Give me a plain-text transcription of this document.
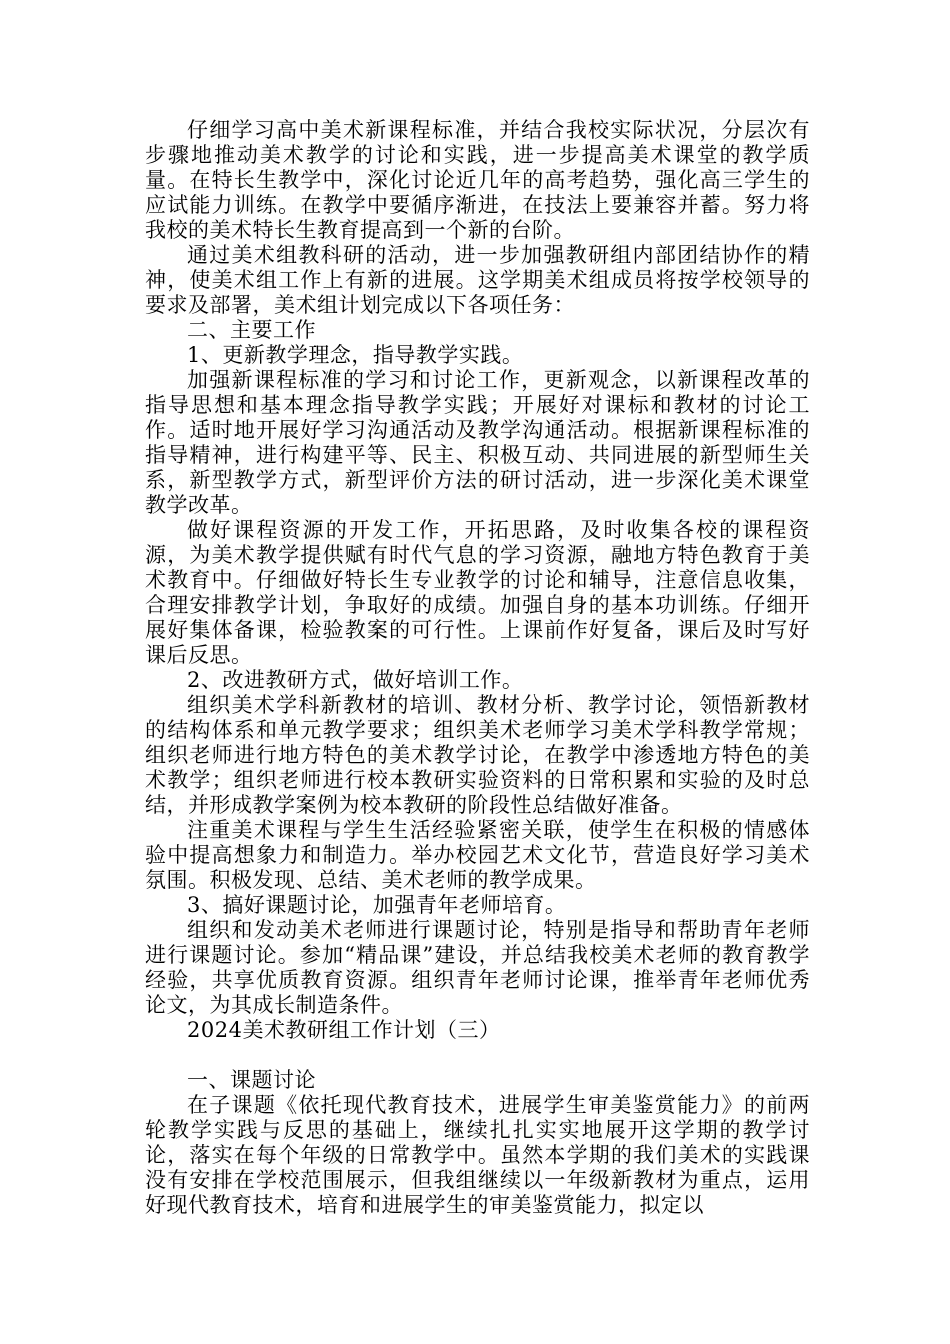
仔细学习高中美术新课程标准，并结合我校实际状况，分层次有步骤地推动美术教学的讨论和实践，进一步提高美术课堂的教学质量。在特长生教学中，深化讨论近几年的高考趋势，强化高三学生的应试能力训练。在教学中要循序渐进，在技法上要兼容并蓄。努力将我校的美术特长生教育提高到一个新的台阶。

通过美术组教科研的活动，进一步加强教研组内部团结协作的精神，使美术组工作上有新的进展。这学期美术组成员将按学校领导的要求及部署，美术组计划完成以下各项任务：

二、主要工作

1、更新教学理念，指导教学实践。

加强新课程标准的学习和讨论工作，更新观念，以新课程改革的指导思想和基本理念指导教学实践；开展好对课标和教材的讨论工作。适时地开展好学习沟通活动及教学沟通活动。根据新课程标准的指导精神，进行构建平等、民主、积极互动、共同进展的新型师生关系，新型教学方式，新型评价方法的研讨活动，进一步深化美术课堂教学改革。

做好课程资源的开发工作，开拓思路，及时收集各校的课程资源，为美术教学提供赋有时代气息的学习资源，融地方特色教育于美术教育中。仔细做好特长生专业教学的讨论和辅导，注意信息收集，合理安排教学计划，争取好的成绩。加强自身的基本功训练。仔细开展好集体备课，检验教案的可行性。上课前作好复备，课后及时写好课后反思。

2、改进教研方式，做好培训工作。

组织美术学科新教材的培训、教材分析、教学讨论，领悟新教材的结构体系和单元教学要求；组织美术老师学习美术学科教学常规；组织老师进行地方特色的美术教学讨论，在教学中渗透地方特色的美术教学；组织老师进行校本教研实验资料的日常积累和实验的及时总结，并形成教学案例为校本教研的阶段性总结做好准备。

注重美术课程与学生生活经验紧密关联，使学生在积极的情感体验中提高想象力和制造力。举办校园艺术文化节，营造良好学习美术氛围。积极发现、总结、美术老师的教学成果。

3、搞好课题讨论，加强青年老师培育。

组织和发动美术老师进行课题讨论，特别是指导和帮助青年老师进行课题讨论。参加“精品课”建设，并总结我校美术老师的教育教学经验，共享优质教育资源。组织青年老师讨论课，推举青年老师优秀论文，为其成长制造条件。

2024美术教研组工作计划（三）

一、课题讨论

在子课题《依托现代教育技术，进展学生审美鉴赏能力》的前两轮教学实践与反思的基础上，继续扎扎实实地展开这学期的教学讨论，落实在每个年级的日常教学中。虽然本学期的我们美术的实践课没有安排在学校范围展示，但我组继续以一年级新教材为重点，运用好现代教育技术，培育和进展学生的审美鉴赏能力，拟定以
